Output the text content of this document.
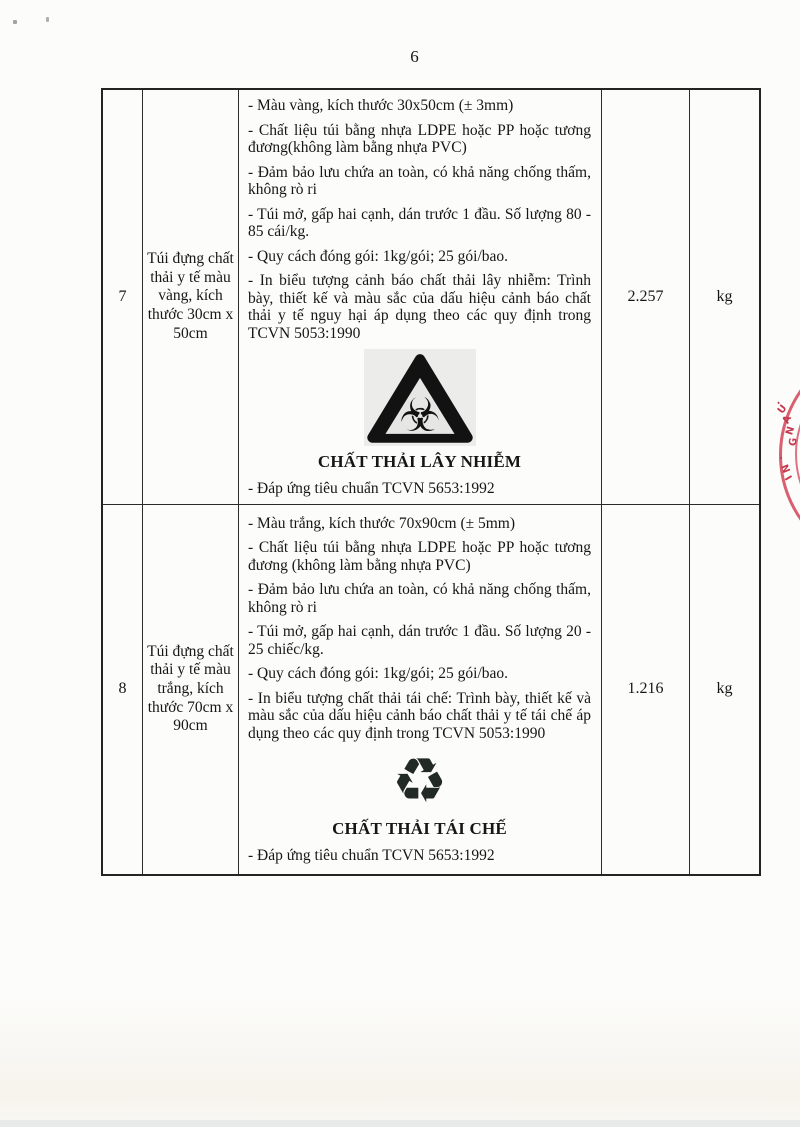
6
7	Túi đựng chất thải y tế màu vàng, kích thước 30cm x 50cm	
- Màu vàng, kích thước 30x50cm (± 3mm)
- Chất liệu túi bằng nhựa LDPE hoặc PP hoặc tương đương(không làm bằng nhựa PVC)
- Đảm bảo lưu chứa an toàn, có khả năng chống thấm, không rò ri
- Túi mở, gấp hai cạnh, dán trước 1 đầu. Số lượng 80 - 85 cái/kg.
- Quy cách đóng gói: 1kg/gói; 25 gói/bao.
- In biểu tượng cảnh báo chất thải lây nhiễm: Trình bày, thiết kế và màu sắc của dấu hiệu cảnh báo chất thải y tế nguy hại áp dụng theo các quy định trong TCVN 5053:1990
☣
CHẤT THẢI LÂY NHIỄM
- Đáp ứng tiêu chuẩn TCVN 5653:1992
	2.257	kg
8	Túi đựng chất thải y tế màu trắng, kích thước 70cm x 90cm	
- Màu trắng, kích thước 70x90cm (± 5mm)
- Chất liệu túi bằng nhựa LDPE hoặc PP hoặc tương đương (không làm bằng nhựa PVC)
- Đảm bảo lưu chứa an toàn, có khả năng chống thấm, không rò ri
- Túi mở, gấp hai cạnh, dán trước 1 đầu. Số lượng 20 - 25 chiếc/kg.
- Quy cách đóng gói: 1kg/gói; 25 gói/bao.
- In biểu tượng chất thải tái chế: Trình bày, thiết kế và màu sắc của dấu hiệu cảnh báo chất thải y tế tái chế áp dụng theo các quy định trong TCVN 5053:1990
♻
CHẤT THẢI TÁI CHẾ
- Đáp ứng tiêu chuẩn TCVN 5653:1992
	1.216	kg
.
U
A
N
G
.
N
I
